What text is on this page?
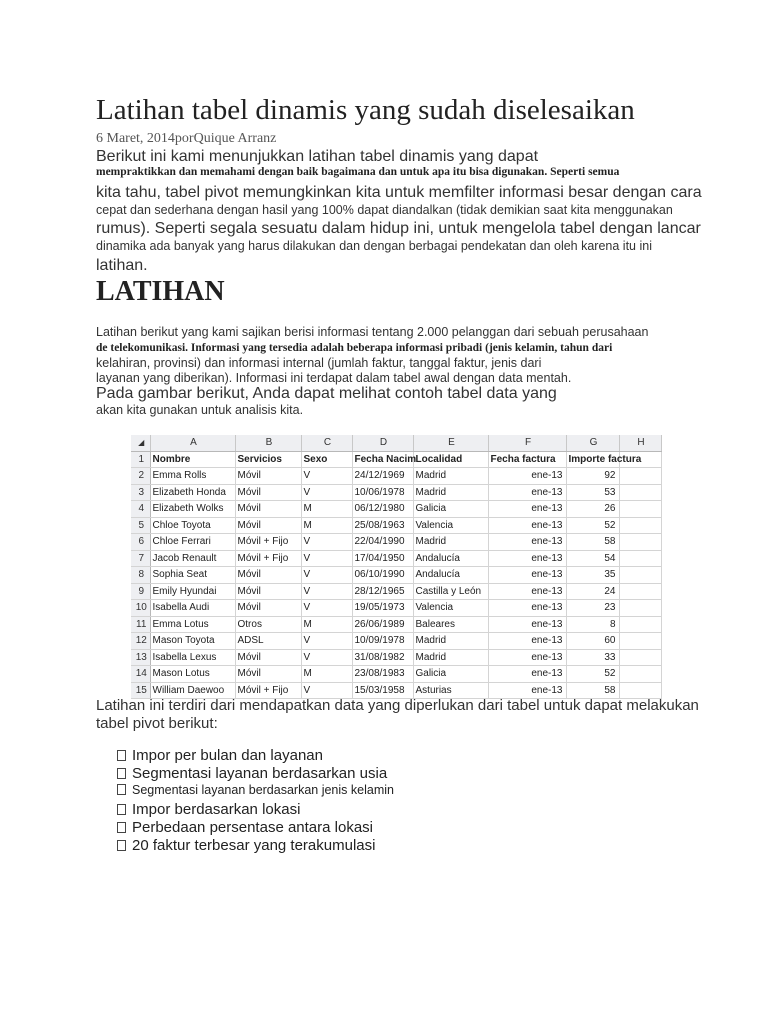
Latihan tabel dinamis yang sudah diselesaikan
6 Maret, 2014porQuique Arranz
Berikut ini kami menunjukkan latihan tabel dinamis yang dapat
mempraktikkan dan memahami dengan baik bagaimana dan untuk apa itu bisa digunakan. Seperti semua
kita tahu, tabel pivot memungkinkan kita untuk memfilter informasi besar dengan cara
cepat dan sederhana dengan hasil yang 100% dapat diandalkan (tidak demikian saat kita menggunakan
rumus). Seperti segala sesuatu dalam hidup ini, untuk mengelola tabel dengan lancar
dinamika ada banyak yang harus dilakukan dan dengan berbagai pendekatan dan oleh karena itu ini
latihan.
LATIHAN
Latihan berikut yang kami sajikan berisi informasi tentang 2.000 pelanggan dari sebuah perusahaan
de telekomunikasi. Informasi yang tersedia adalah beberapa informasi pribadi (jenis kelamin, tahun dari
kelahiran, provinsi) dan informasi internal (jumlah faktur, tanggal faktur, jenis dari
layanan yang diberikan). Informasi ini terdapat dalam tabel awal dengan data mentah.
Pada gambar berikut, Anda dapat melihat contoh tabel data yang
akan kita gunakan untuk analisis kita.
◢	A	B	C	D	E	F	G	H
1	Nombre	Servicios	Sexo	Fecha Nacim	Localidad	Fecha factura	Importe factura	
2	Emma Rolls	Móvil	V	24/12/1969	Madrid	ene-13	92	
3	Elizabeth Honda	Móvil	V	10/06/1978	Madrid	ene-13	53	
4	Elizabeth Wolks	Móvil	M	06/12/1980	Galicia	ene-13	26	
5	Chloe Toyota	Móvil	M	25/08/1963	Valencia	ene-13	52	
6	Chloe Ferrari	Móvil + Fijo	V	22/04/1990	Madrid	ene-13	58	
7	Jacob Renault	Móvil + Fijo	V	17/04/1950	Andalucía	ene-13	54	
8	Sophia Seat	Móvil	V	06/10/1990	Andalucía	ene-13	35	
9	Emily Hyundai	Móvil	V	28/12/1965	Castilla y León	ene-13	24	
10	Isabella Audi	Móvil	V	19/05/1973	Valencia	ene-13	23	
11	Emma Lotus	Otros	M	26/06/1989	Baleares	ene-13	8	
12	Mason Toyota	ADSL	V	10/09/1978	Madrid	ene-13	60	
13	Isabella Lexus	Móvil	V	31/08/1982	Madrid	ene-13	33	
14	Mason Lotus	Móvil	M	23/08/1983	Galicia	ene-13	52	
15	William Daewoo	Móvil + Fijo	V	15/03/1958	Asturias	ene-13	58	
Latihan ini terdiri dari mendapatkan data yang diperlukan dari tabel untuk dapat melakukan
tabel pivot berikut:
Impor per bulan dan layanan
Segmentasi layanan berdasarkan usia
Segmentasi layanan berdasarkan jenis kelamin
Impor berdasarkan lokasi
Perbedaan persentase antara lokasi
20 faktur terbesar yang terakumulasi
